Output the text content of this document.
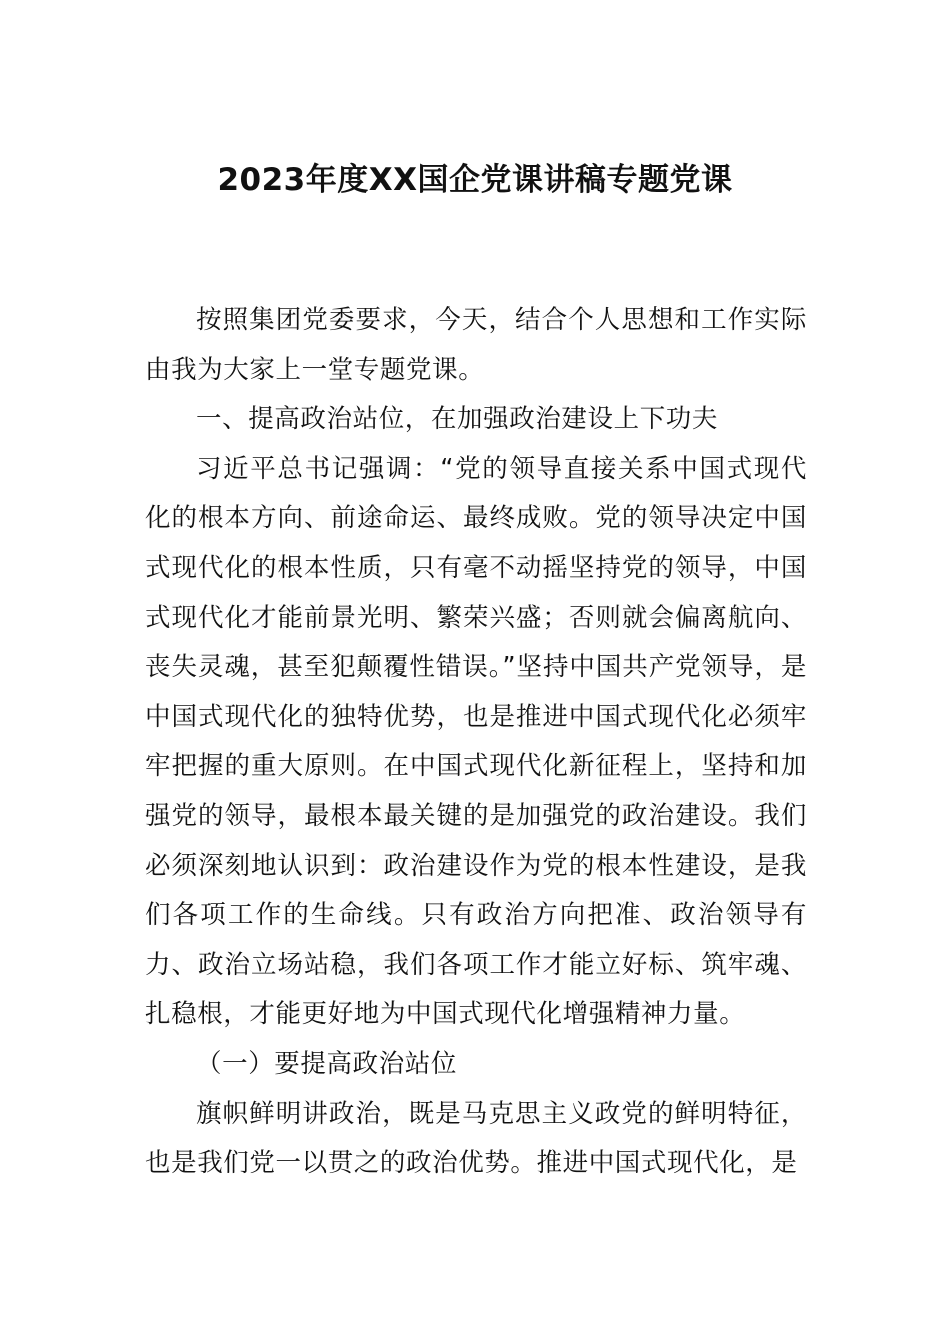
2023年度XX国企党课讲稿专题党课

按照集团党委要求，今天，结合个人思想和工作实际由我为大家上一堂专题党课。

一、提高政治站位，在加强政治建设上下功夫

习近平总书记强调：“党的领导直接关系中国式现代化的根本方向、前途命运、最终成败。党的领导决定中国式现代化的根本性质，只有毫不动摇坚持党的领导，中国式现代化才能前景光明、繁荣兴盛；否则就会偏离航向、丧失灵魂，甚至犯颠覆性错误。”坚持中国共产党领导，是中国式现代化的独特优势，也是推进中国式现代化必须牢牢把握的重大原则。在中国式现代化新征程上，坚持和加强党的领导，最根本最关键的是加强党的政治建设。我们必须深刻地认识到：政治建设作为党的根本性建设，是我们各项工作的生命线。只有政治方向把准、政治领导有力、政治立场站稳，我们各项工作才能立好标、筑牢魂、扎稳根，才能更好地为中国式现代化增强精神力量。

（一）要提高政治站位

旗帜鲜明讲政治，既是马克思主义政党的鲜明特征，也是我们党一以贯之的政治优势。推进中国式现代化，是
